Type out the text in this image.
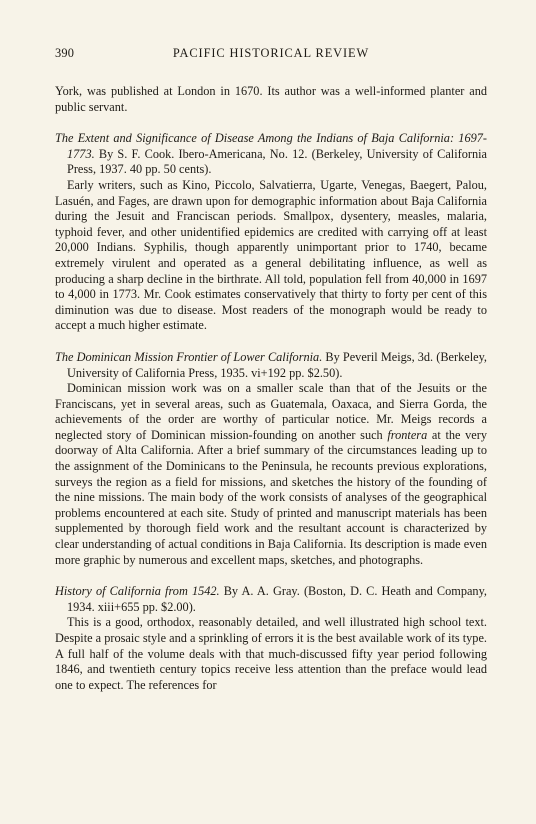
390	PACIFIC HISTORICAL REVIEW

York, was published at London in 1670. Its author was a well-informed planter and public servant.

The Extent and Significance of Disease Among the Indians of Baja California: 1697-1773. By S. F. Cook. Ibero-Americana, No. 12. (Berkeley, University of California Press, 1937. 40 pp. 50 cents).

Early writers, such as Kino, Piccolo, Salvatierra, Ugarte, Venegas, Baegert, Palou, Lasuén, and Fages, are drawn upon for demographic information about Baja California during the Jesuit and Franciscan periods. Smallpox, dysentery, measles, malaria, typhoid fever, and other unidentified epidemics are credited with carrying off at least 20,000 Indians. Syphilis, though apparently unimportant prior to 1740, became extremely virulent and operated as a general debilitating influence, as well as producing a sharp decline in the birthrate. All told, population fell from 40,000 in 1697 to 4,000 in 1773. Mr. Cook estimates conservatively that thirty to forty per cent of this diminution was due to disease. Most readers of the monograph would be ready to accept a much higher estimate.

The Dominican Mission Frontier of Lower California. By Peveril Meigs, 3d. (Berkeley, University of California Press, 1935. vi+192 pp. $2.50).

Dominican mission work was on a smaller scale than that of the Jesuits or the Franciscans, yet in several areas, such as Guatemala, Oaxaca, and Sierra Gorda, the achievements of the order are worthy of particular notice. Mr. Meigs records a neglected story of Dominican mission-founding on another such frontera at the very doorway of Alta California. After a brief summary of the circumstances leading up to the assignment of the Dominicans to the Peninsula, he recounts previous explorations, surveys the region as a field for missions, and sketches the history of the founding of the nine missions. The main body of the work consists of analyses of the geographical problems encountered at each site. Study of printed and manuscript materials has been supplemented by thorough field work and the resultant account is characterized by clear understanding of actual conditions in Baja California. Its description is made even more graphic by numerous and excellent maps, sketches, and photographs.

History of California from 1542. By A. A. Gray. (Boston, D. C. Heath and Company, 1934. xiii+655 pp. $2.00).

This is a good, orthodox, reasonably detailed, and well illustrated high school text. Despite a prosaic style and a sprinkling of errors it is the best available work of its type. A full half of the volume deals with that much-discussed fifty year period following 1846, and twentieth century topics receive less attention than the preface would lead one to expect. The references for
